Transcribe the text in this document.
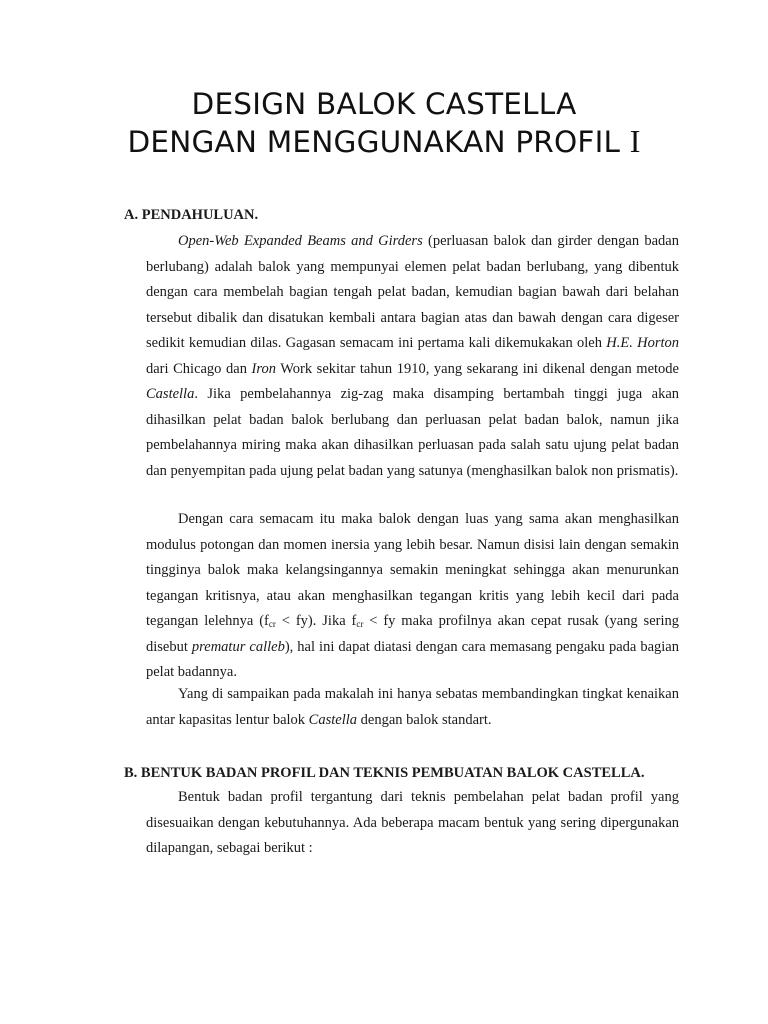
DESIGN BALOK CASTELLA
DENGAN MENGGUNAKAN PROFIL I
A. PENDAHULUAN.

Open-Web Expanded Beams and Girders (perluasan balok dan girder dengan badan berlubang) adalah balok yang mempunyai elemen pelat badan berlubang, yang dibentuk dengan cara membelah bagian tengah pelat badan, kemudian bagian bawah dari belahan tersebut dibalik dan disatukan kembali antara bagian atas dan bawah dengan cara digeser sedikit kemudian dilas. Gagasan semacam ini pertama kali dikemukakan oleh H.E. Horton dari Chicago dan Iron Work sekitar tahun 1910, yang sekarang ini dikenal dengan metode Castella. Jika pembelahannya zig-zag maka disamping bertambah tinggi juga akan dihasilkan pelat badan balok berlubang dan perluasan pelat badan balok, namun jika pembelahannya miring maka akan dihasilkan perluasan pada salah satu ujung pelat badan dan penyempitan pada ujung pelat badan yang satunya (menghasilkan balok non prismatis).

Dengan cara semacam itu maka balok dengan luas yang sama akan menghasilkan modulus potongan dan momen inersia yang lebih besar. Namun disisi lain dengan semakin tingginya balok maka kelangsingannya semakin meningkat sehingga akan menurunkan tegangan kritisnya, atau akan menghasilkan tegangan kritis yang lebih kecil dari pada tegangan lelehnya $(f_{cr} < fy)$. Jika $f_{cr}$ < fy maka profilnya akan cepat rusak (yang sering disebut prematur calleb), hal ini dapat diatasi dengan cara memasang pengaku pada bagian pelat badannya.

Yang di sampaikan pada makalah ini hanya sebatas membandingkan tingkat kenaikan antar kapasitas lentur balok Castella dengan balok standart.

B. BENTUK BADAN PROFIL DAN TEKNIS PEMBUATAN BALOK CASTELLA.

Bentuk badan profil tergantung dari teknis pembelahan pelat badan profil yang disesuaikan dengan kebutuhannya. Ada beberapa macam bentuk yang sering dipergunakan dilapangan, sebagai berikut :
